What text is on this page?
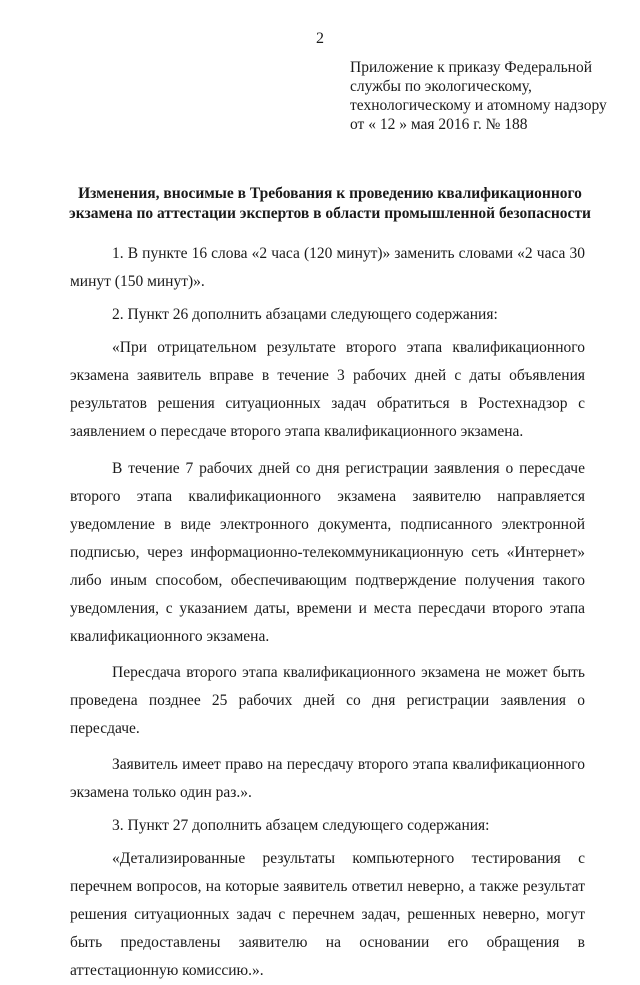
2
Приложение к приказу Федеральной
службы по экологическому,
технологическому и атомному надзору
от « 12 » мая 2016 г. № 188
Изменения, вносимые в Требования к проведению квалификационного
экзамена по аттестации экспертов в области промышленной безопасности

1. В пункте 16 слова «2 часа (120 минут)» заменить словами «2 часа 30 минут (150 минут)».

2. Пункт 26 дополнить абзацами следующего содержания:

«При отрицательном результате второго этапа квалификационного экзамена заявитель вправе в течение 3 рабочих дней с даты объявления результатов решения ситуационных задач обратиться в Ростехнадзор с заявлением о пересдаче второго этапа квалификационного экзамена.

В течение 7 рабочих дней со дня регистрации заявления о пересдаче второго этапа квалификационного экзамена заявителю направляется уведомление в виде электронного документа, подписанного электронной подписью, через информационно-телекоммуникационную сеть «Интернет» либо иным способом, обеспечивающим подтверждение получения такого уведомления, с указанием даты, времени и места пересдачи второго этапа квалификационного экзамена.

Пересдача второго этапа квалификационного экзамена не может быть проведена позднее 25 рабочих дней со дня регистрации заявления о пересдаче.

Заявитель имеет право на пересдачу второго этапа квалификационного экзамена только один раз.».

3. Пункт 27 дополнить абзацем следующего содержания:

«Детализированные результаты компьютерного тестирования с перечнем вопросов, на которые заявитель ответил неверно, а также результат решения ситуационных задач с перечнем задач, решенных неверно, могут быть предоставлены заявителю на основании его обращения в аттестационную комиссию.».
